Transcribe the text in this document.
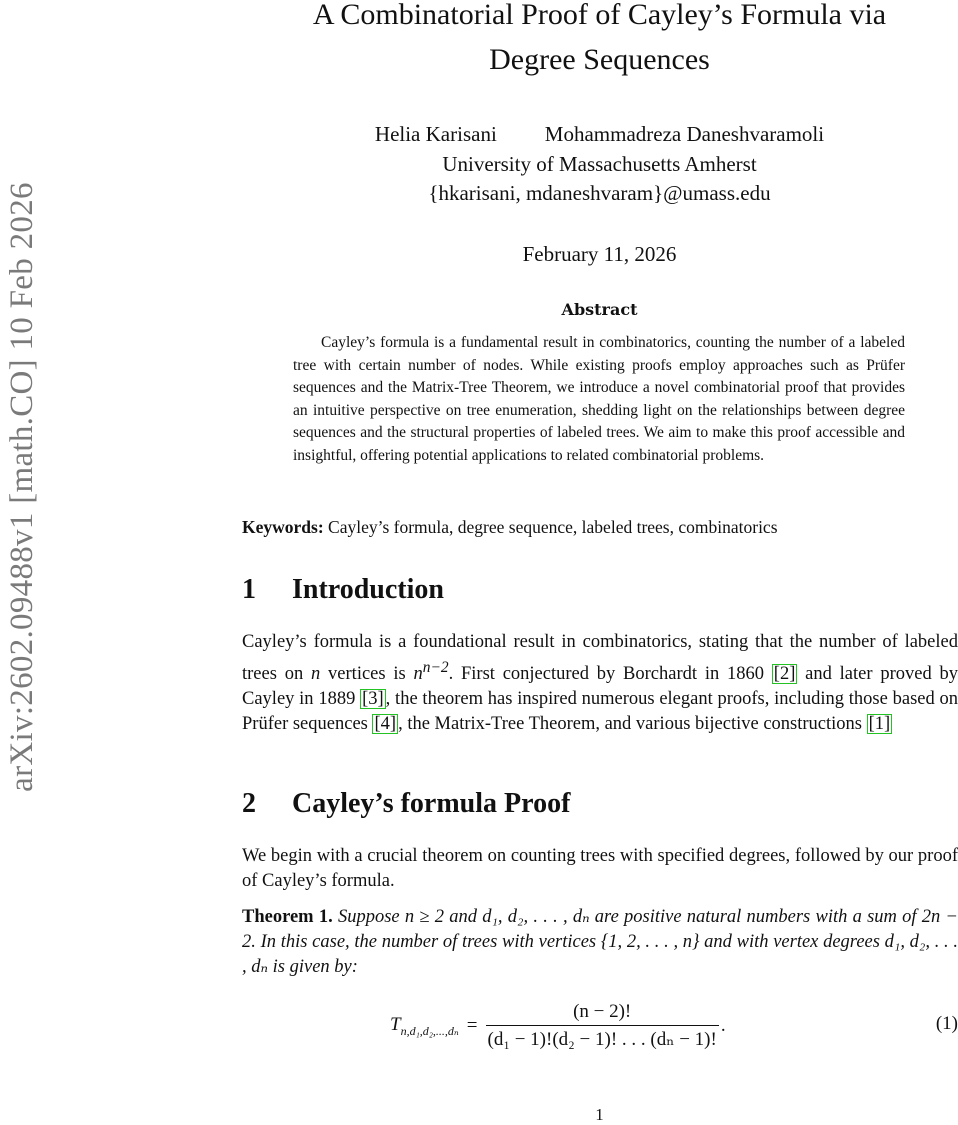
arXiv:2602.09488v1 [math.CO] 10 Feb 2026
A Combinatorial Proof of Cayley’s Formula via
Degree Sequences
Helia Karisani Mohammadreza Daneshvaramoli
University of Massachusetts Amherst
{hkarisani, mdaneshvaram}@umass.edu
February 11, 2026
Abstract

Cayley’s formula is a fundamental result in combinatorics, counting the number of a labeled tree with certain number of nodes. While existing proofs employ approaches such as Prüfer sequences and the Matrix-Tree Theorem, we introduce a novel combinatorial proof that provides an intuitive perspective on tree enumeration, shedding light on the relationships between degree sequences and the structural properties of labeled trees. We aim to make this proof accessible and insightful, offering potential applications to related combinatorial problems.

Keywords: Cayley’s formula, degree sequence, labeled trees, combinatorics
1 Introduction

Cayley’s formula is a foundational result in combinatorics, stating that the number of labeled trees on n vertices is $n^{n-2}$. First conjectured by Borchardt in 1860 [2] and later proved by Cayley in 1889 [3] , the theorem has inspired numerous elegant proofs, including those based on Prüfer sequences [4] , the Matrix-Tree Theorem, and various bijective constructions [1]

2 Cayley’s formula Proof

We begin with a crucial theorem on counting trees with specified degrees, followed by our proof of Cayley’s formula.

Theorem 1. Suppose n ≥ 2 and d₁, d₂, . . . , dₙ are positive natural numbers with a sum of 2n − 2. In this case, the number of trees with vertices {1, 2, . . . , n} and with vertex degrees d₁, d₂, . . . , dₙ is given by:

$T_{n,d_1,d_2,...,d_n} = \frac{(n - 2)!}{\text{(d₁ − 1)!(d₂ − 1)! . . . (dₙ − 1)!}}$ .	(1)
1
